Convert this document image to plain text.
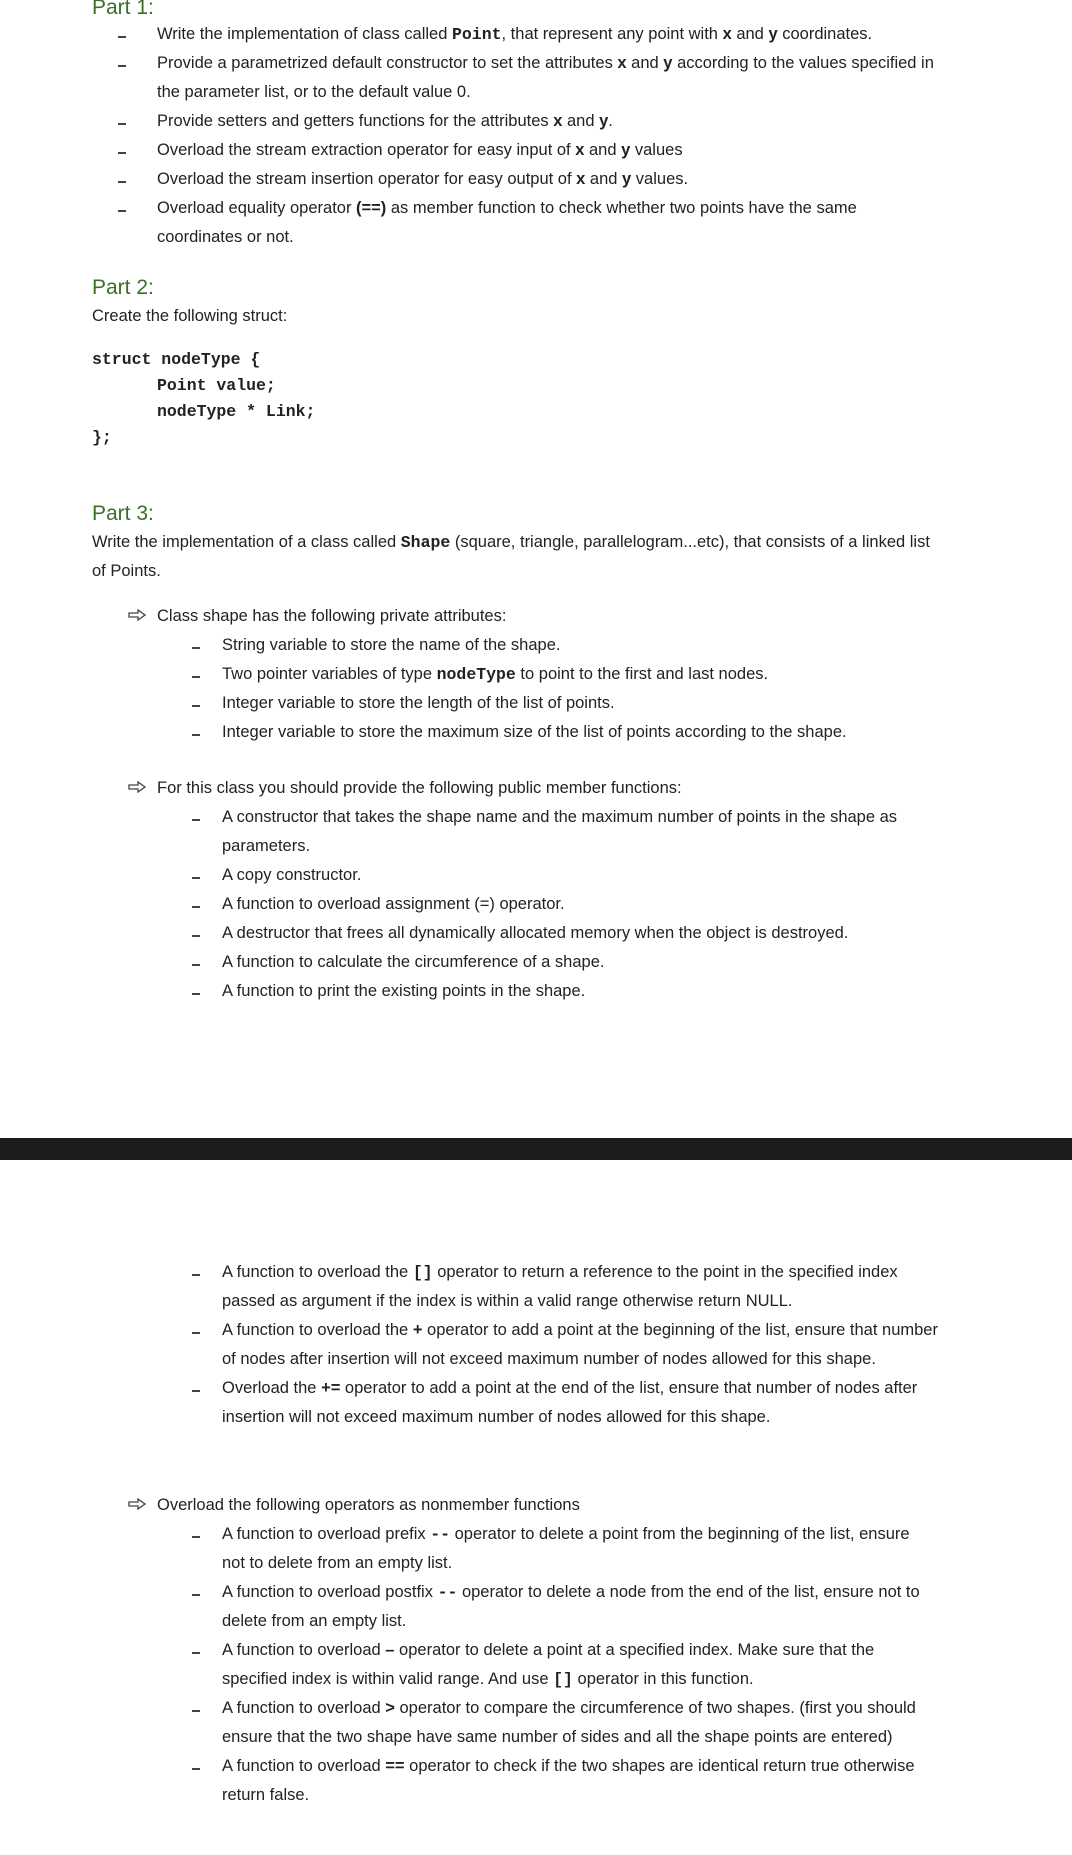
Part 1:
Write the implementation of class called Point, that represent any point with x and y coordinates.
Provide a parametrized default constructor to set the attributes x and y according to the values specified in
the parameter list, or to the default value 0.
Provide setters and getters functions for the attributes x and y.
Overload the stream extraction operator for easy input of x and y values
Overload the stream insertion operator for easy output of x and y values.
Overload equality operator (==) as member function to check whether two points have the same
coordinates or not.
Part 2:
Create the following struct:
struct nodeType {
Point value;
nodeType * Link;
};
Part 3:
Write the implementation of a class called Shape (square, triangle, parallelogram...etc), that consists of a linked list
of Points.
Class shape has the following private attributes:
String variable to store the name of the shape.
Two pointer variables of type nodeType to point to the first and last nodes.
Integer variable to store the length of the list of points.
Integer variable to store the maximum size of the list of points according to the shape.
For this class you should provide the following public member functions:
A constructor that takes the shape name and the maximum number of points in the shape as
parameters.
A copy constructor.
A function to overload assignment (=) operator.
A destructor that frees all dynamically allocated memory when the object is destroyed.
A function to calculate the circumference of a shape.
A function to print the existing points in the shape.
A function to overload the [] operator to return a reference to the point in the specified index
passed as argument if the index is within a valid range otherwise return NULL.
A function to overload the + operator to add a point at the beginning of the list, ensure that number
of nodes after insertion will not exceed maximum number of nodes allowed for this shape.
Overload the += operator to add a point at the end of the list, ensure that number of nodes after
insertion will not exceed maximum number of nodes allowed for this shape.
Overload the following operators as nonmember functions
A function to overload prefix -- operator to delete a point from the beginning of the list, ensure
not to delete from an empty list.
A function to overload postfix -- operator to delete a node from the end of the list, ensure not to
delete from an empty list.
A function to overload – operator to delete a point at a specified index. Make sure that the
specified index is within valid range. And use [] operator in this function.
A function to overload > operator to compare the circumference of two shapes. (first you should
ensure that the two shape have same number of sides and all the shape points are entered)
A function to overload == operator to check if the two shapes are identical return true otherwise
return false.
